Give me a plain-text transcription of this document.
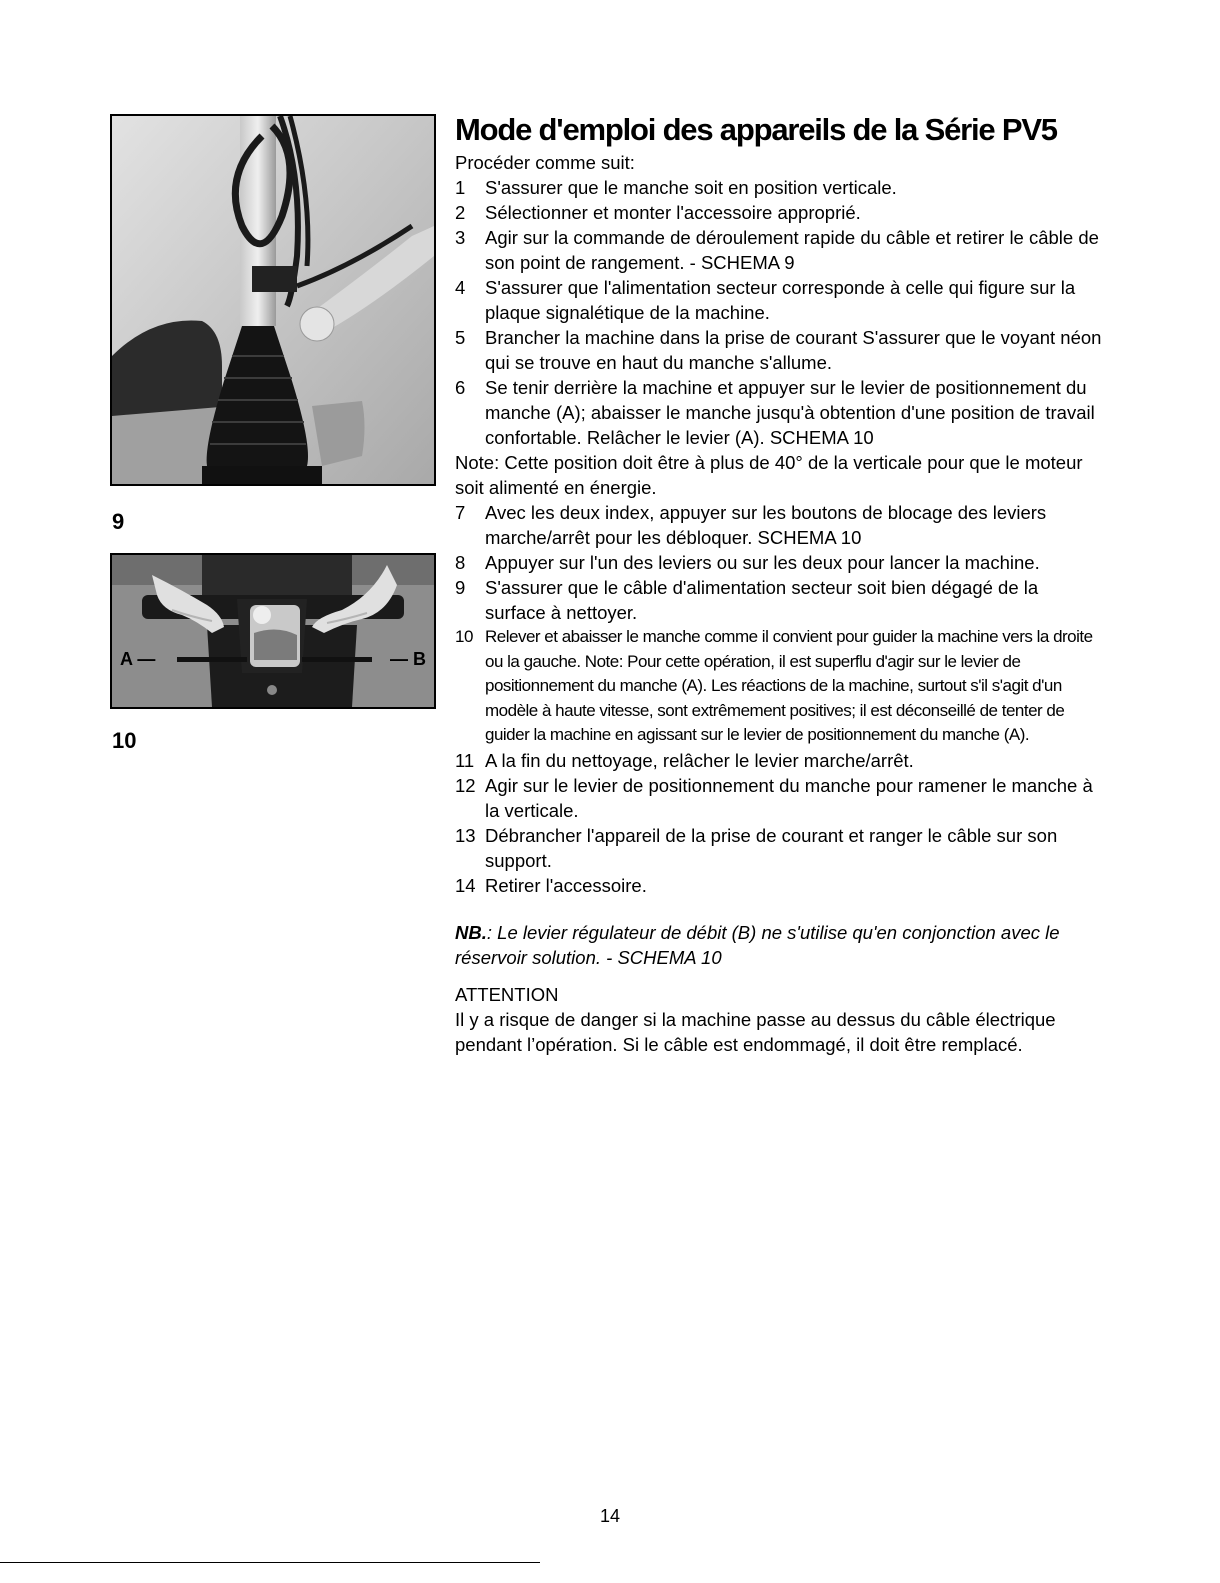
9
A —	— B
10
Mode d'emploi des appareils de la Série PV5

Procéder comme suit:

1 S'assurer que le manche soit en position verticale.
2 Sélectionner et monter l'accessoire approprié.
3 Agir sur la commande de déroulement rapide du câble et retirer le câble de son point de rangement. - SCHEMA 9
4 S'assurer que l'alimentation secteur corresponde à celle qui figure sur la plaque signalétique de la machine.
5 Brancher la machine dans la prise de courant S'assurer que le voyant néon qui se trouve en haut du manche s'allume.
6 Se tenir derrière la machine et appuyer sur le levier de positionnement du manche (A); abaisser le manche jusqu'à obtention d'une position de travail confortable. Relâcher le levier (A). SCHEMA 10

Note: Cette position doit être à plus de 40° de la verticale pour que le moteur soit alimenté en énergie.

7 Avec les deux index, appuyer sur les boutons de blocage des leviers marche/arrêt pour les débloquer. SCHEMA 10
8 Appuyer sur l'un des leviers ou sur les deux pour lancer la machine.
9 S'assurer que le câble d'alimentation secteur soit bien dégagé de la surface à nettoyer.
10 Relever et abaisser le manche comme il convient pour guider la machine vers la droite ou la gauche. Note: Pour cette opération, il est superflu d'agir sur le levier de positionnement du manche (A). Les réactions de la machine, surtout s'il s'agit d'un modèle à haute vitesse, sont extrêmement positives; il est déconseillé de tenter de guider la machine en agissant sur le levier de positionnement du manche (A).
11 A la fin du nettoyage, relâcher le levier marche/arrêt.
12 Agir sur le levier de positionnement du manche pour ramener le manche à la verticale.
13 Débrancher l'appareil de la prise de courant et ranger le câble sur son support.
14 Retirer l'accessoire.

NB.: Le levier régulateur de débit (B) ne s'utilise qu'en conjonction avec le réservoir solution. - SCHEMA 10

ATTENTION

Il y a risque de danger si la machine passe au dessus du câble électrique pendant l’opération. Si le câble est endommagé, il doit être remplacé.

14
